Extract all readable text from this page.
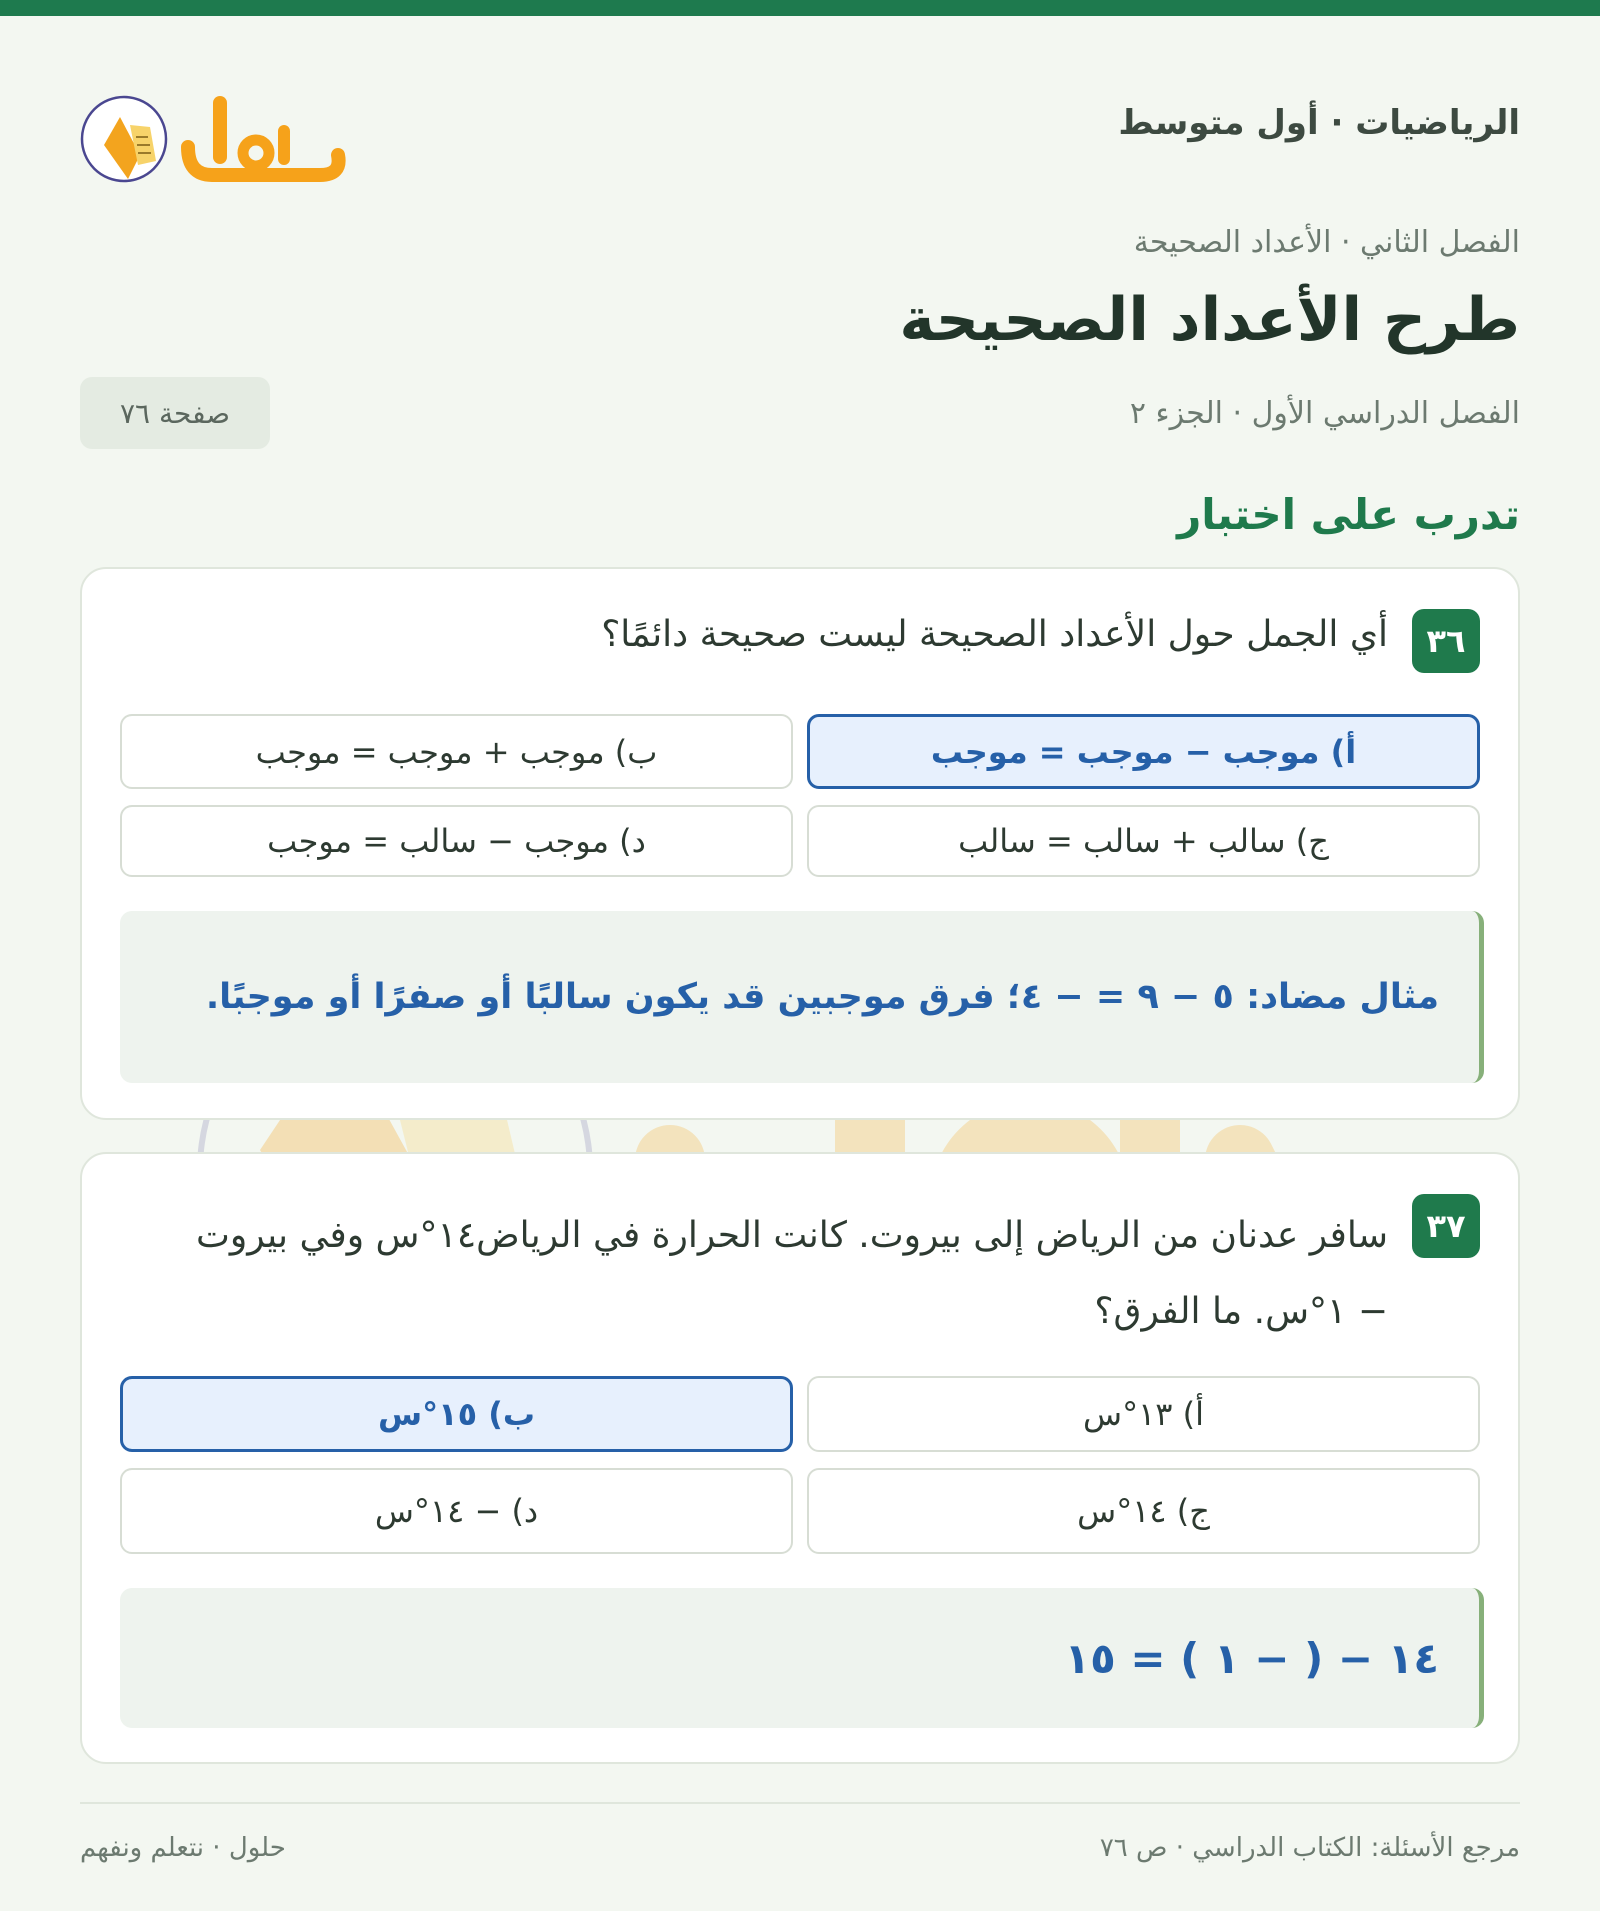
الرياضيات · أول متوسط
الفصل الثاني · الأعداد الصحيحة
طرح الأعداد الصحيحة
الفصل الدراسي الأول · الجزء ٢
صفحة ٧٦
تدرب على اختبار
٣٦
أي الجمل حول الأعداد الصحيحة ليست صحيحة دائمًا؟
أ) موجب − موجب = موجب
ب) موجب + موجب = موجب
ج) سالب + سالب = سالب
د) موجب − سالب = موجب
مثال مضاد: ٥ − ٩ = − ٤؛ فرق موجبين قد يكون سالبًا أو صفرًا أو موجبًا.
٣٧
سافر عدنان من الرياض إلى بيروت. كانت الحرارة في الرياض١٤°س وفي بيروت − ١°س. ما الفرق؟
أ) ١٣°س
ب) ١٥°س
ج) ١٤°س
د) − ١٤°س
١٤ − ( − ١ ) = ١٥
مرجع الأسئلة: الكتاب الدراسي · ص ٧٦
حلول · نتعلم ونفهم
